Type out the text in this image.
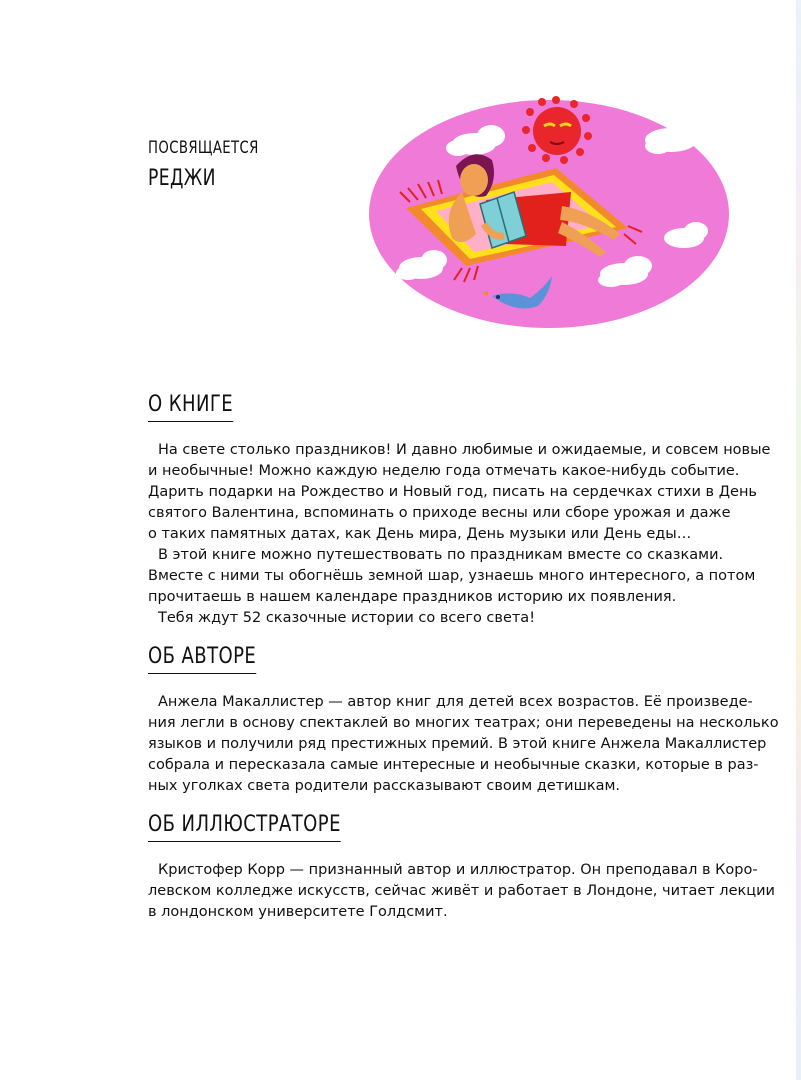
ПОСВЯЩАЕТСЯ
РЕДЖИ
О КНИГЕ

На свете столько праздников! И давно любимые и ожидаемые, и совсем новые

и необычные! Можно каждую неделю года отмечать какое-нибудь событие.

Дарить подарки на Рождество и Новый год, писать на сердечках стихи в День

святого Валентина, вспоминать о приходе весны или сборе урожая и даже

о таких памятных датах, как День мира, День музыки или День еды…

В этой книге можно путешествовать по праздникам вместе со сказками.

Вместе с ними ты обогнёшь земной шар, узнаешь много интересного, а потом

прочитаешь в нашем календаре праздников историю их появления.

Тебя ждут 52 сказочные истории со всего света!

ОБ АВТОРЕ

Анжела Макаллистер — автор книг для детей всех возрастов. Её произведе-

ния легли в основу спектаклей во многих театрах; они переведены на несколько

языков и получили ряд престижных премий. В этой книге Анжела Макаллистер

собрала и пересказала самые интересные и необычные сказки, которые в раз-

ных уголках света родители рассказывают своим детишкам.

ОБ ИЛЛЮСТРАТОРЕ

Кристофер Корр — признанный автор и иллюстратор. Он преподавал в Коро-

левском колледже искусств, сейчас живёт и работает в Лондоне, читает лекции

в лондонском университете Голдсмит.
